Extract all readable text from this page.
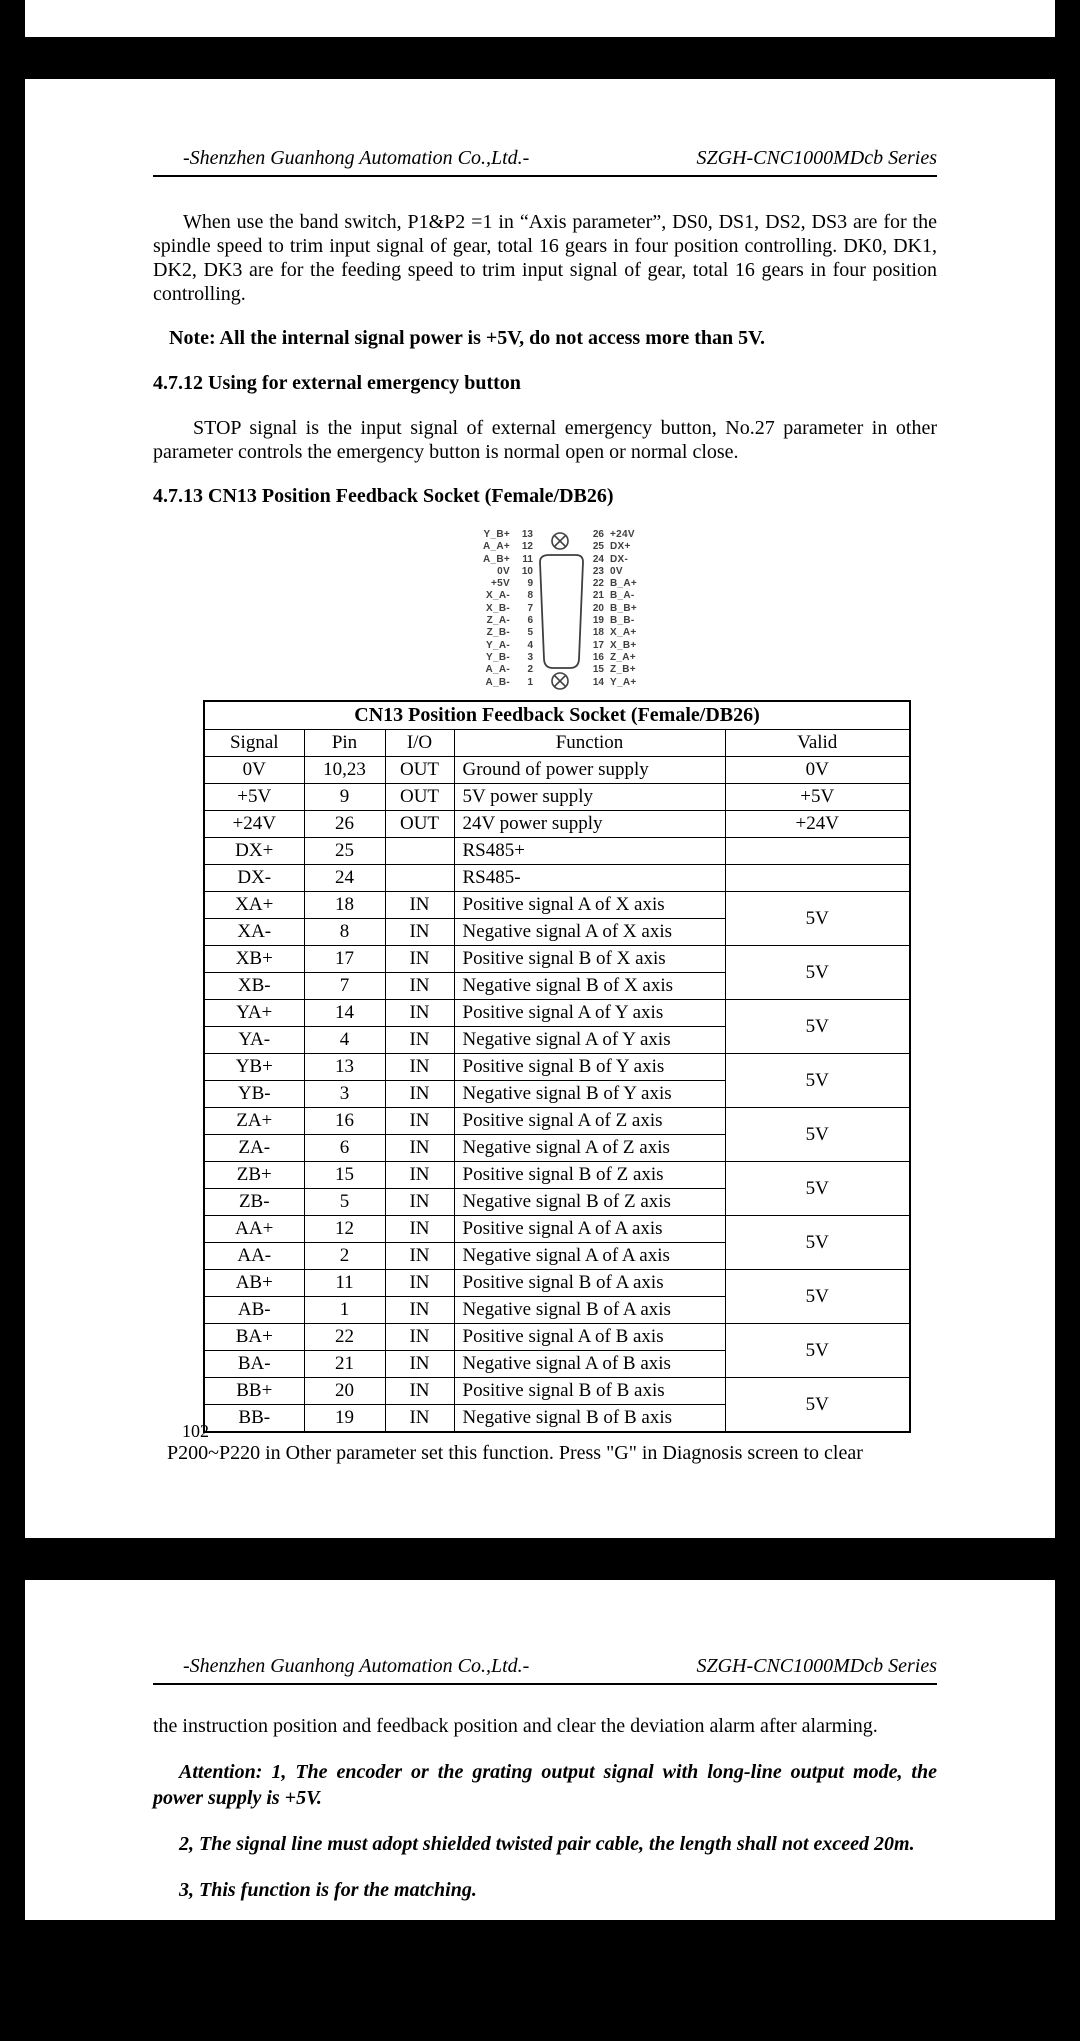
-Shenzhen Guanhong Automation Co.,Ltd.-	SZGH-CNC1000MDcb Series

When use the band switch, P1&P2 =1 in “Axis parameter”, DS0, DS1, DS2, DS3 are for the spindle speed to trim input signal of gear, total 16 gears in four position controlling. DK0, DK1, DK2, DK3 are for the feeding speed to trim input signal of gear, total 16 gears in four position controlling.

Note: All the internal signal power is +5V, do not access more than 5V.

4.7.12 Using for external emergency button

STOP signal is the input signal of external emergency button, No.27 parameter in other parameter controls the emergency button is normal open or normal close.

4.7.13 CN13 Position Feedback Socket (Female/DB26)

Y_B+	13
A_A+	12
A_B+	11
0V	10
+5V	9
X_A-	8
X_B-	7
Z_A-	6
Z_B-	5
Y_A-	4
Y_B-	3
A_A-	2
A_B-	1
26 +24V
25 DX+
24 DX-
23 0V
22 B_A+
21 B_A-
20 B_B+
19 B_B-
18 X_A+
17 X_B+
16 Z_A+
15 Z_B+
14 Y_A+
CN13 Position Feedback Socket (Female/DB26)				
Signal	Pin	I/O	Function	Valid
0V	10,23	OUT	Ground of power supply	0V
+5V	9	OUT	5V power supply	+5V
+24V	26	OUT	24V power supply	+24V
DX+	25		RS485+	
DX-	24		RS485-	
XA+	18	IN	Positive signal A of X axis	5V
XA-	8	IN	Negative signal A of X axis	
XB+	17	IN	Positive signal B of X axis	5V
XB-	7	IN	Negative signal B of X axis	
YA+	14	IN	Positive signal A of Y axis	5V
YA-	4	IN	Negative signal A of Y axis	
YB+	13	IN	Positive signal B of Y axis	5V
YB-	3	IN	Negative signal B of Y axis	
ZA+	16	IN	Positive signal A of Z axis	5V
ZA-	6	IN	Negative signal A of Z axis	
ZB+	15	IN	Positive signal B of Z axis	5V
ZB-	5	IN	Negative signal B of Z axis	
AA+	12	IN	Positive signal A of A axis	5V
AA-	2	IN	Negative signal A of A axis	
AB+	11	IN	Positive signal B of A axis	5V
AB-	1	IN	Negative signal B of A axis	
BA+	22	IN	Positive signal A of B axis	5V
BA-	21	IN	Negative signal A of B axis	
BB+	20	IN	Positive signal B of B axis	5V
BB-	19	IN	Negative signal B of B axis	

P200~P220 in Other parameter set this function. Press "G" in Diagnosis screen to clear

102
-Shenzhen Guanhong Automation Co.,Ltd.-	SZGH-CNC1000MDcb Series

the instruction position and feedback position and clear the deviation alarm after alarming.

Attention: 1, The encoder or the grating output signal with long-line output mode, the power supply is +5V.

2, The signal line must adopt shielded twisted pair cable, the length shall not exceed 20m.

3, This function is for the matching.

4.7.14 Set solution for cnc system match with absolute type servo motor

1. Turn on the power supply.

2. Set mode of servo motor of XYZAB axis.
